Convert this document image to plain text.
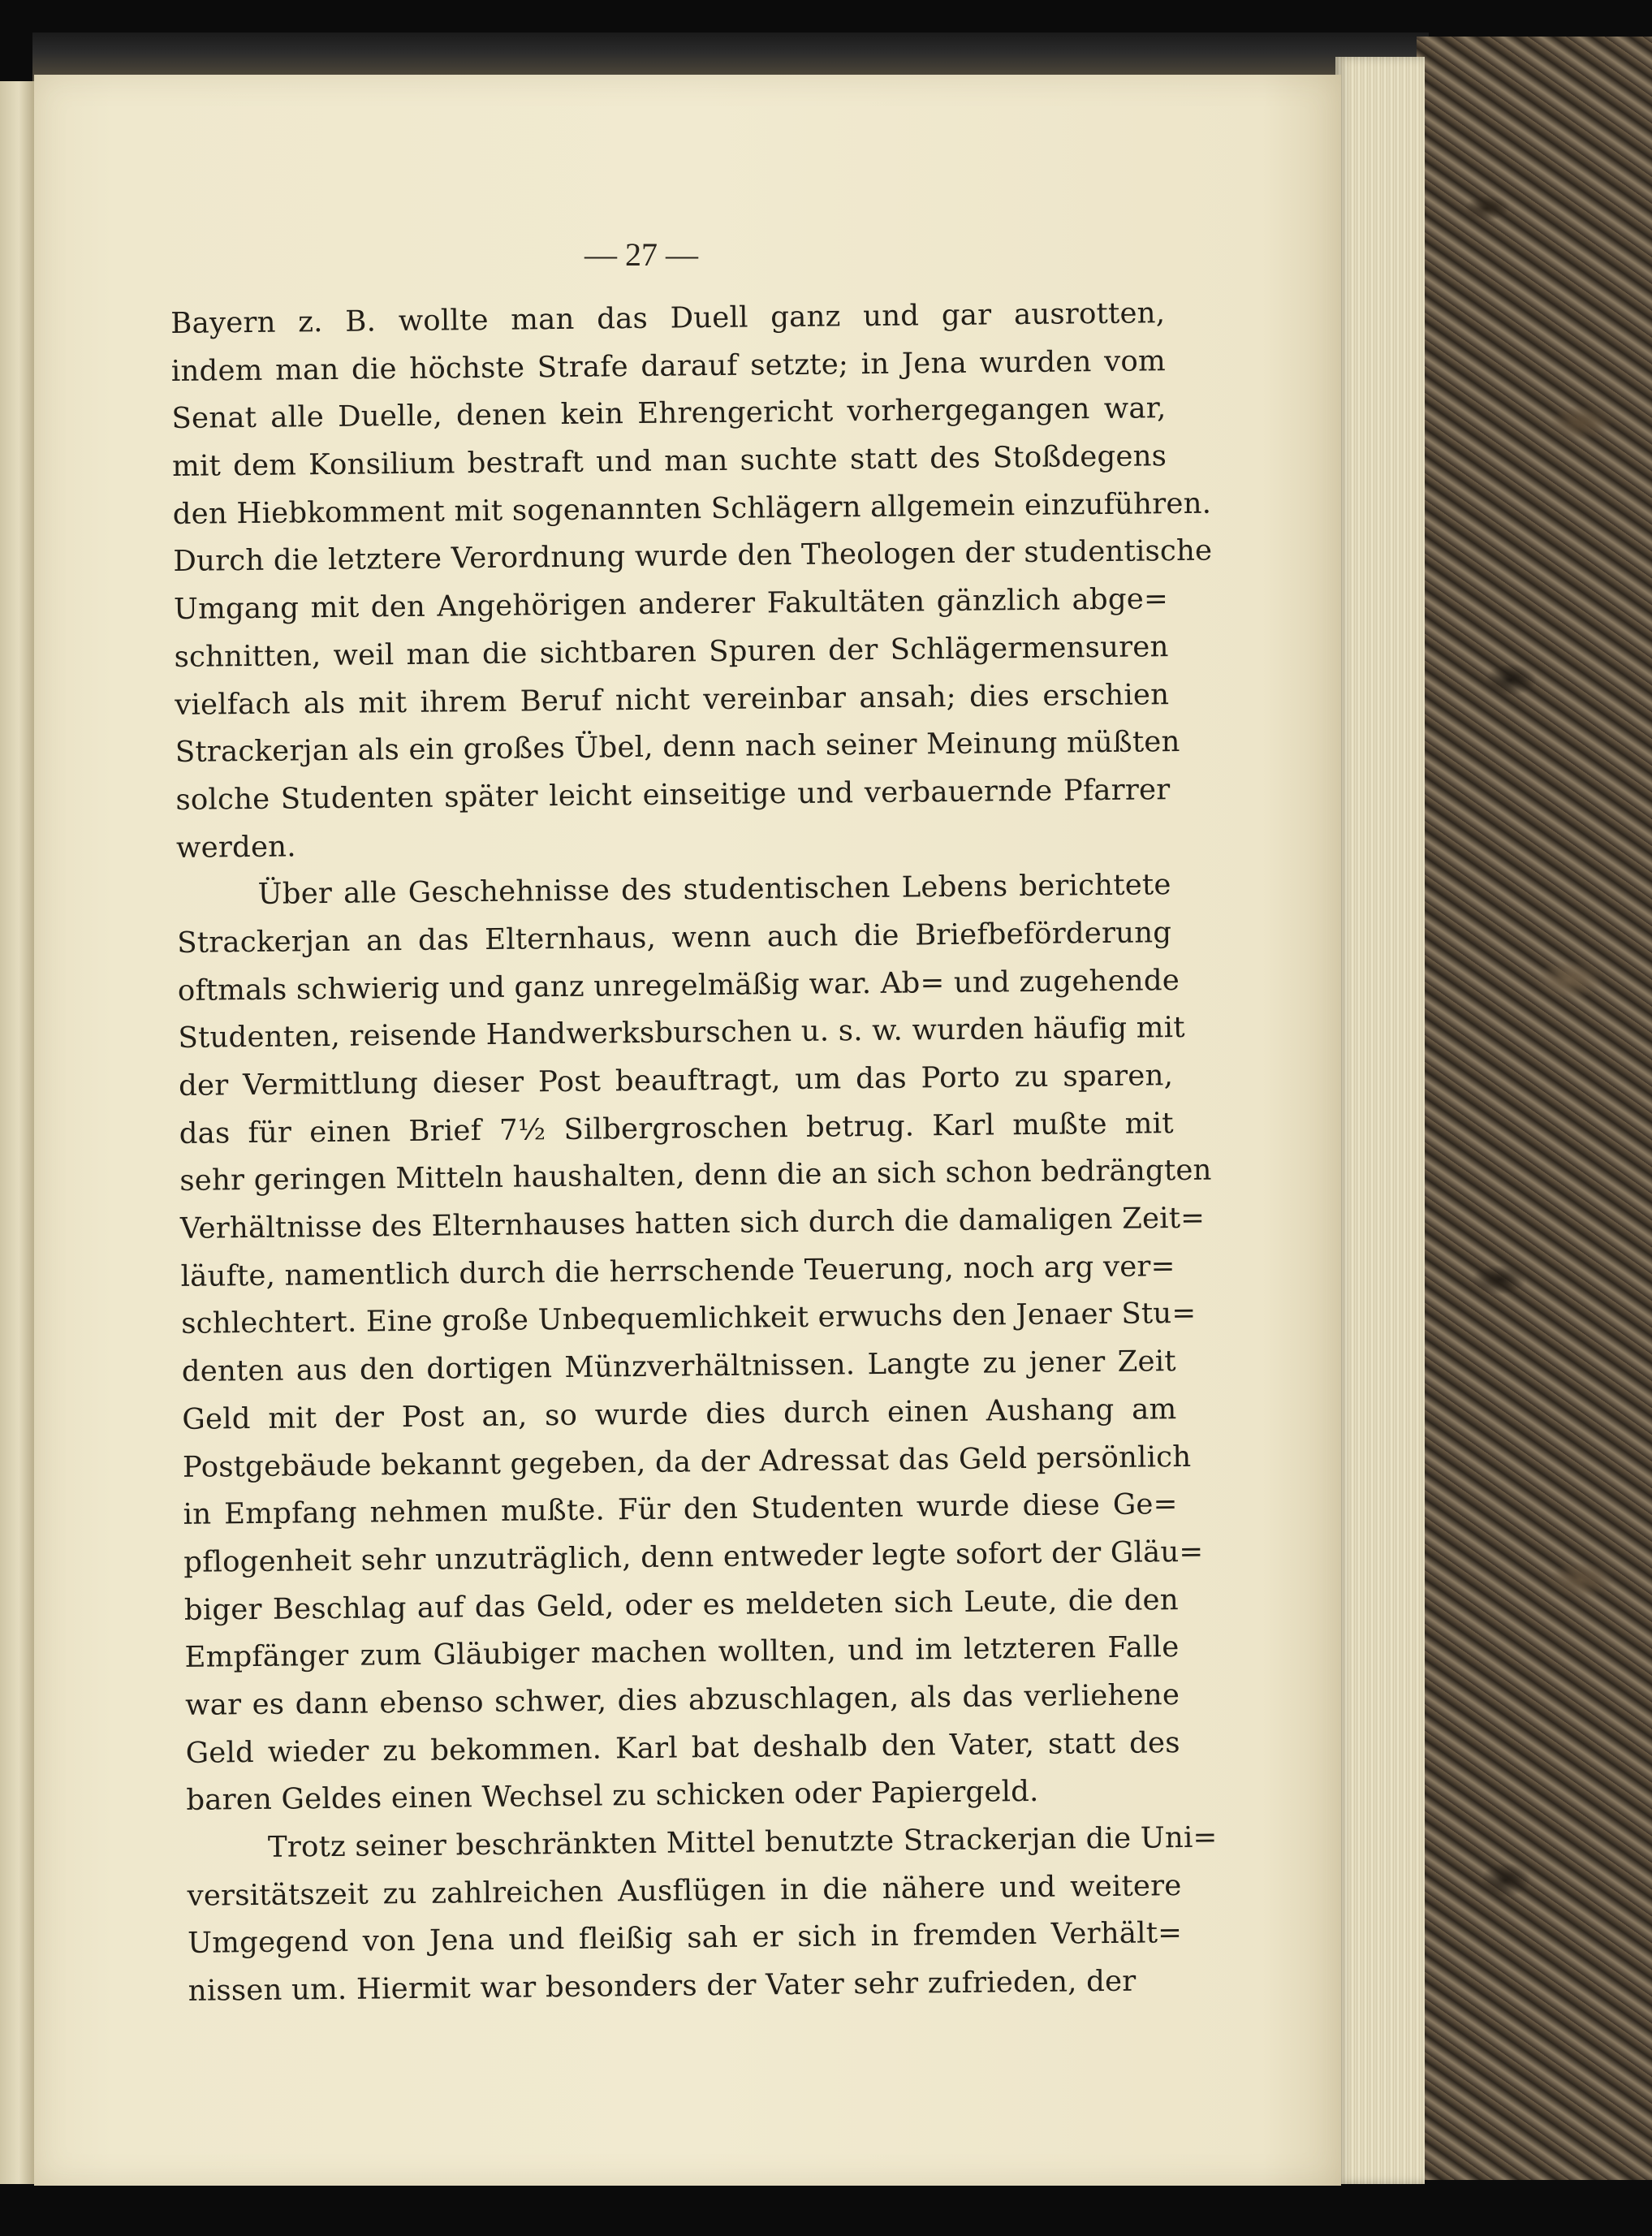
— 27 —
Bayern z. B. wollte man das Duell ganz und gar ausrotten,
indem man die höchste Strafe darauf setzte; in Jena wurden vom
Senat alle Duelle, denen kein Ehrengericht vorhergegangen war,
mit dem Konsilium bestraft und man suchte statt des Stoßdegens
den Hiebkomment mit sogenannten Schlägern allgemein einzuführen.
Durch die letztere Verordnung wurde den Theologen der studentische
Umgang mit den Angehörigen anderer Fakultäten gänzlich abge=
schnitten, weil man die sichtbaren Spuren der Schlägermensuren
vielfach als mit ihrem Beruf nicht vereinbar ansah; dies erschien
Strackerjan als ein großes Übel, denn nach seiner Meinung müßten
solche Studenten später leicht einseitige und verbauernde Pfarrer
werden.
Über alle Geschehnisse des studentischen Lebens berichtete
Strackerjan an das Elternhaus, wenn auch die Briefbeförderung
oftmals schwierig und ganz unregelmäßig war. Ab= und zugehende
Studenten, reisende Handwerksburschen u. s. w. wurden häufig mit
der Vermittlung dieser Post beauftragt, um das Porto zu sparen,
das für einen Brief 7½ Silbergroschen betrug. Karl mußte mit
sehr geringen Mitteln haushalten, denn die an sich schon bedrängten
Verhältnisse des Elternhauses hatten sich durch die damaligen Zeit=
läufte, namentlich durch die herrschende Teuerung, noch arg ver=
schlechtert. Eine große Unbequemlichkeit erwuchs den Jenaer Stu=
denten aus den dortigen Münzverhältnissen. Langte zu jener Zeit
Geld mit der Post an, so wurde dies durch einen Aushang am
Postgebäude bekannt gegeben, da der Adressat das Geld persönlich
in Empfang nehmen mußte. Für den Studenten wurde diese Ge=
pflogenheit sehr unzuträglich, denn entweder legte sofort der Gläu=
biger Beschlag auf das Geld, oder es meldeten sich Leute, die den
Empfänger zum Gläubiger machen wollten, und im letzteren Falle
war es dann ebenso schwer, dies abzuschlagen, als das verliehene
Geld wieder zu bekommen. Karl bat deshalb den Vater, statt des
baren Geldes einen Wechsel zu schicken oder Papiergeld.
Trotz seiner beschränkten Mittel benutzte Strackerjan die Uni=
versitätszeit zu zahlreichen Ausflügen in die nähere und weitere
Umgegend von Jena und fleißig sah er sich in fremden Verhält=
nissen um. Hiermit war besonders der Vater sehr zufrieden, der
